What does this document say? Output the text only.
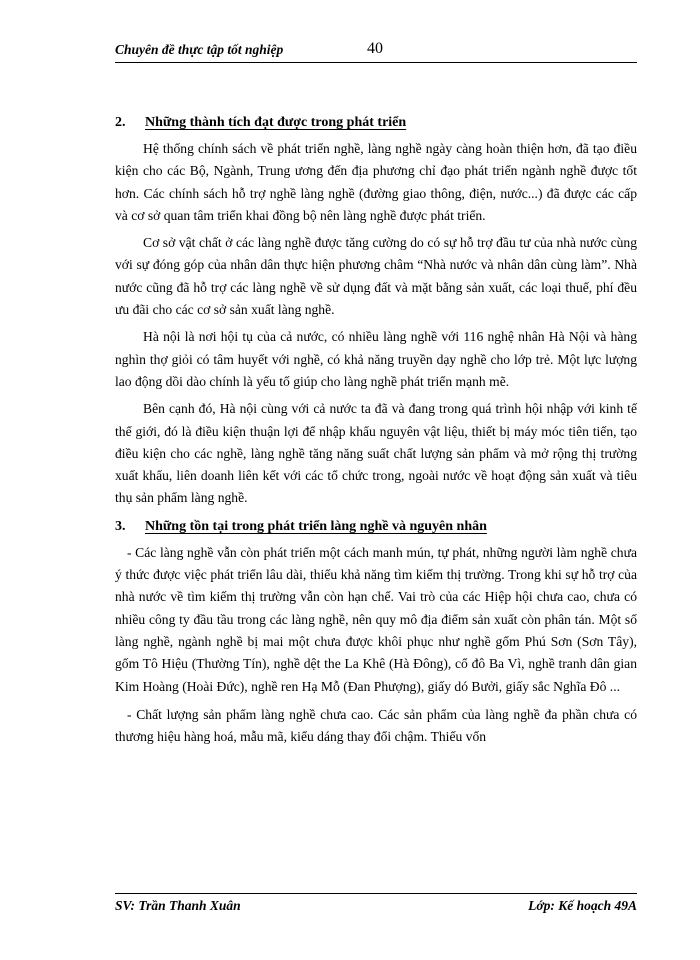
Chuyên đề thực tập tốt nghiệp	40

2. Những thành tích đạt được trong phát triển

Hệ thống chính sách về phát triển nghề, làng nghề ngày càng hoàn thiện hơn, đã tạo điều kiện cho các Bộ, Ngành, Trung ương đến địa phương chỉ đạo phát triển ngành nghề được tốt hơn. Các chính sách hỗ trợ nghề làng nghề (đường giao thông, điện, nước...) đã được các cấp và cơ sở quan tâm triển khai đồng bộ nên làng nghề được phát triển.

Cơ sở vật chất ở các làng nghề được tăng cường do có sự hỗ trợ đầu tư của nhà nước cùng với sự đóng góp của nhân dân thực hiện phương châm “Nhà nước và nhân dân cùng làm”. Nhà nước cũng đã hỗ trợ các làng nghề về sử dụng đất và mặt bằng sản xuất, các loại thuế, phí đều ưu đãi cho các cơ sở sản xuất làng nghề.

Hà nội là nơi hội tụ của cả nước, có nhiều làng nghề với 116 nghệ nhân Hà Nội và hàng nghìn thợ giỏi có tâm huyết với nghề, có khả năng truyền dạy nghề cho lớp trẻ. Một lực lượng lao động dồi dào chính là yếu tố giúp cho làng nghề phát triển mạnh mẽ.

Bên cạnh đó, Hà nội cùng với cả nước ta đã và đang trong quá trình hội nhập với kinh tế thế giới, đó là điều kiện thuận lợi để nhập khẩu nguyên vật liệu, thiết bị máy móc tiên tiến, tạo điều kiện cho các nghề, làng nghề tăng năng suất chất lượng sản phẩm và mở rộng thị trường xuất khẩu, liên doanh liên kết với các tổ chức trong, ngoài nước về hoạt động sản xuất và tiêu thụ sản phẩm làng nghề.

3. Những tồn tại trong phát triển làng nghề và nguyên nhân

- Các làng nghề vẫn còn phát triển một cách manh mún, tự phát, những người làm nghề chưa ý thức được việc phát triển lâu dài, thiếu khả năng tìm kiếm thị trường. Trong khi sự hỗ trợ của nhà nước về tìm kiếm thị trường vẫn còn hạn chế. Vai trò của các Hiệp hội chưa cao, chưa có nhiều công ty đầu tầu trong các làng nghề, nên quy mô địa điểm sản xuất còn phân tán. Một số làng nghề, ngành nghề bị mai một chưa được khôi phục như nghề gốm Phú Sơn (Sơn Tây), gốm Tô Hiệu (Thường Tín), nghề dệt the La Khê (Hà Đông), cổ đô Ba Vì, nghề tranh dân gian Kim Hoàng (Hoài Đức), nghề ren Hạ Mỗ (Đan Phượng), giấy dó Bưởi, giấy sắc Nghĩa Đô ...

- Chất lượng sản phẩm làng nghề chưa cao. Các sản phẩm của làng nghề đa phần chưa có thương hiệu hàng hoá, mẫu mã, kiểu dáng thay đổi chậm. Thiếu vốn

SV: Trần Thanh Xuân	Lớp: Kế hoạch 49A
